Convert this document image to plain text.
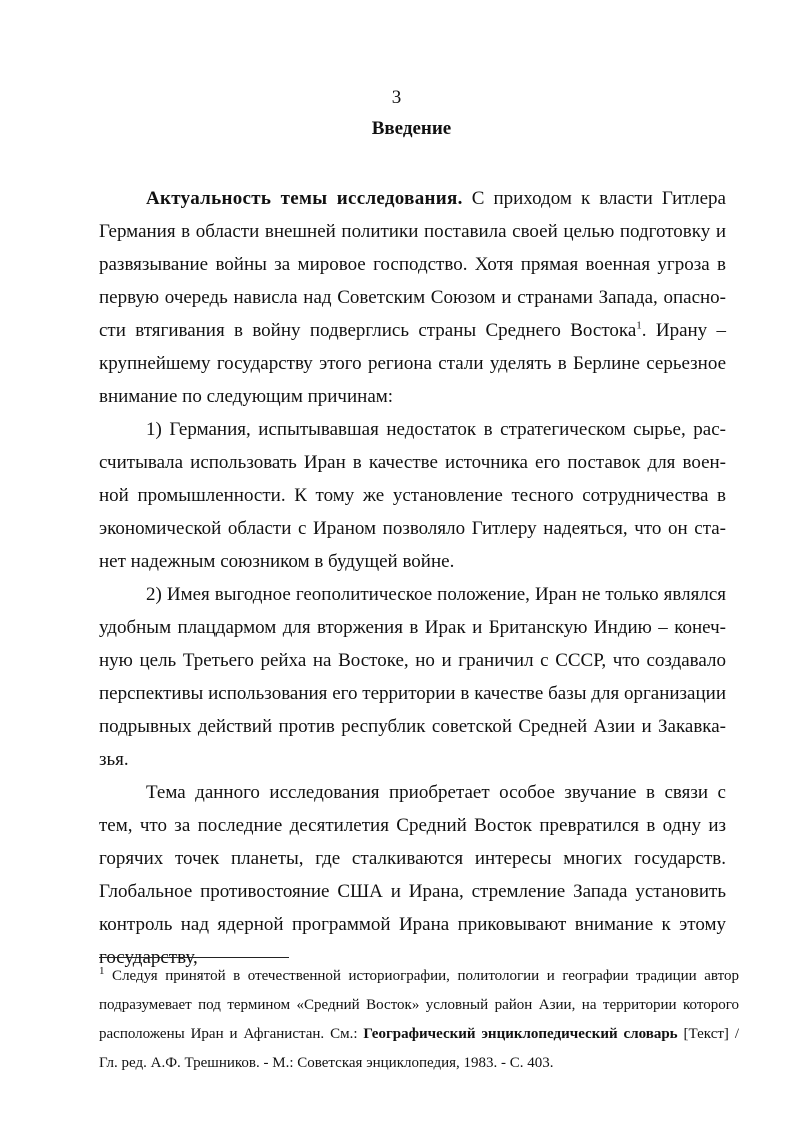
3
Введение

Актуальность темы исследования. С приходом к власти Гитлера Германия в области внешней политики поставила своей целью подготовку и развязывание войны за мировое господство. Хотя прямая военная угроза в первую очередь нависла над Советским Союзом и странами Запада, опасности втягивания в войну подверглись страны Среднего Востока$^1$. Ирану – крупнейшему государству этого региона стали уделять в Берлине серьезное внимание по следующим причинам:

1) Германия, испытывавшая недостаток в стратегическом сырье, рассчитывала использовать Иран в качестве источника его поставок для военной промышленности. К тому же установление тесного сотрудничества в экономической области с Ираном позволяло Гитлеру надеяться, что он станет надежным союзником в будущей войне.

2) Имея выгодное геополитическое положение, Иран не только являлся удобным плацдармом для вторжения в Ирак и Британскую Индию – конечную цель Третьего рейха на Востоке, но и граничил с СССР, что создавало перспективы использования его территории в качестве базы для организации подрывных действий против республик советской Средней Азии и Закавказья.

Тема данного исследования приобретает особое звучание в связи с тем, что за последние десятилетия Средний Восток превратился в одну из горячих точек планеты, где сталкиваются интересы многих государств. Глобальное противостояние США и Ирана, стремление Запада установить контроль над ядерной программой Ирана приковывают внимание к этому государству,

$^1$ Следуя принятой в отечественной историографии, политологии и географии традиции автор подразумевает под термином «Средний Восток» условный район Азии, на территории которого расположены Иран и Афганистан. См.: Географический энциклопедический словарь [Текст] / Гл. ред. А.Ф. Трешников. - М.: Советская энциклопедия, 1983. - С. 403.
